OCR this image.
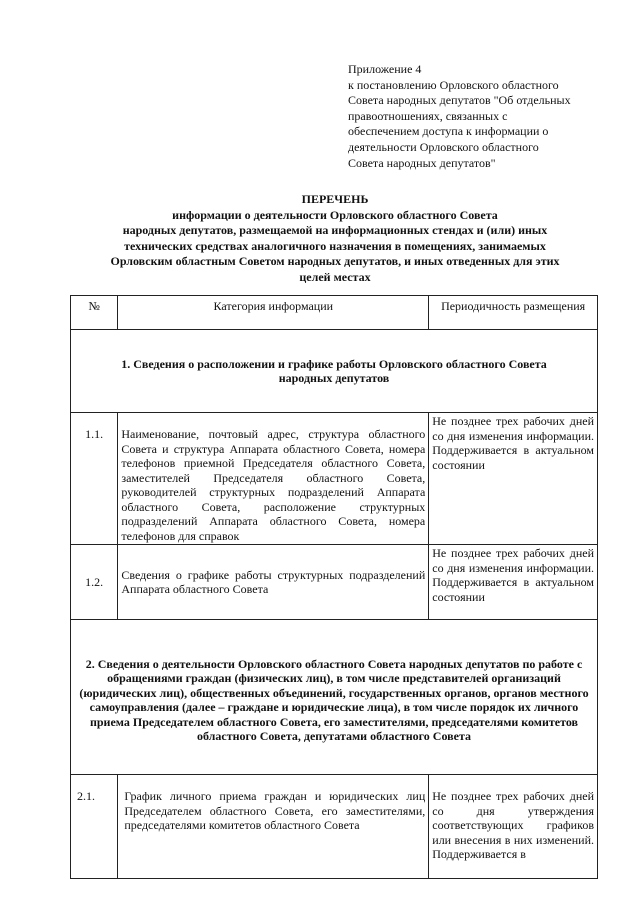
Приложение 4
к постановлению Орловского областного
Совета народных депутатов "Об отдельных
правоотношениях, связанных с
обеспечением доступа к информации о
деятельности Орловского областного
Совета народных депутатов"
ПЕРЕЧЕНЬ
информации о деятельности Орловского областного Совета
народных депутатов, размещаемой на информационных стендах и (или) иных
технических средствах аналогичного назначения в помещениях, занимаемых
Орловским областным Советом народных депутатов, и иных отведенных для этих
целей местах
№	Категория информации	Периодичность размещения
1. Сведения о расположении и графике работы Орловского областного Совета народных депутатов		
1.1.	Наименование, почтовый адрес, структура областного Совета и структура Аппарата областного Совета, номера телефонов приемной Председателя областного Совета, заместителей Председателя областного Совета, руководителей структурных подразделений Аппарата областного Совета, расположение структурных подразделений Аппарата областного Совета, номера телефонов для справок	Не позднее трех рабочих дней со дня изменения информации. Поддерживается в актуальном состоянии
1.2.	Сведения о графике работы структурных подразделений Аппарата областного Совета	Не позднее трех рабочих дней со дня изменения информации. Поддерживается в актуальном состоянии
2. Сведения о деятельности Орловского областного Совета народных депутатов по работе с обращениями граждан (физических лиц), в том числе представителей организаций (юридических лиц), общественных объединений, государственных органов, органов местного самоуправления (далее – граждане и юридические лица), в том числе порядок их личного приема Председателем областного Совета, его заместителями, председателями комитетов областного Совета, депутатами областного Совета		
2.1.	График личного приема граждан и юридических лиц Председателем областного Совета, его заместителями, председателями комитетов областного Совета	Не позднее трех рабочих дней со дня утверждения соответствующих графиков или внесения в них изменений. Поддерживается в
